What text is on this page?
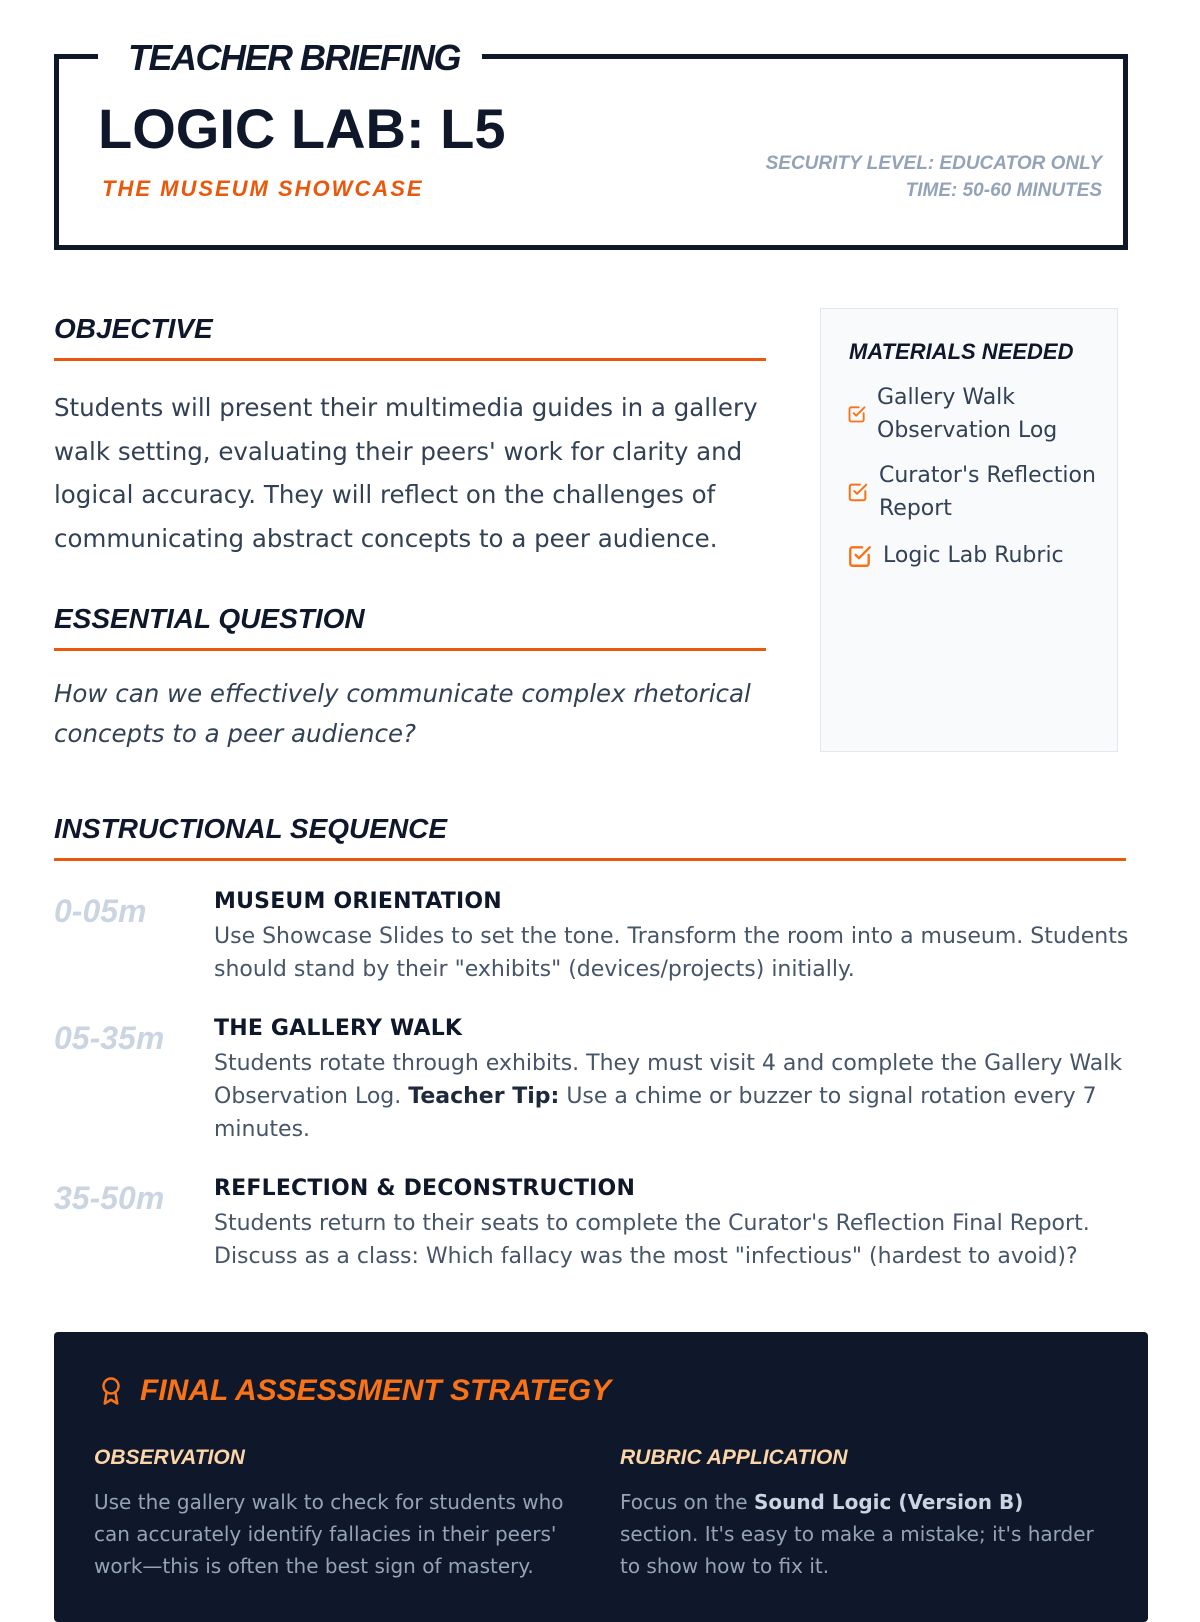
TEACHER BRIEFING
LOGIC LAB: L5
THE MUSEUM SHOWCASE
SECURITY LEVEL: EDUCATOR ONLY
TIME: 50-60 MINUTES
OBJECTIVE
Students will present their multimedia guides in a gallery walk setting, evaluating their peers' work for clarity and logical accuracy. They will reflect on the challenges of communicating abstract concepts to a peer audience.
ESSENTIAL QUESTION
How can we effectively communicate complex rhetorical concepts to a peer audience?
MATERIALS NEEDED
Gallery Walk Observation Log
Curator's Reflection Report
Logic Lab Rubric
INSTRUCTIONAL SEQUENCE
0-05m	MUSEUM ORIENTATION
Use Showcase Slides to set the tone. Transform the room into a museum. Students should stand by their "exhibits" (devices/projects) initially.
05-35m	THE GALLERY WALK
Students rotate through exhibits. They must visit 4 and complete the Gallery Walk Observation Log. Teacher Tip: Use a chime or buzzer to signal rotation every 7 minutes.
35-50m	REFLECTION & DECONSTRUCTION
Students return to their seats to complete the Curator's Reflection Final Report. Discuss as a class: Which fallacy was the most "infectious" (hardest to avoid)?
FINAL ASSESSMENT STRATEGY
OBSERVATION
Use the gallery walk to check for students who can accurately identify fallacies in their peers' work—this is often the best sign of mastery.
RUBRIC APPLICATION
Focus on the Sound Logic (Version B) section. It's easy to make a mistake; it's harder to show how to fix it.
